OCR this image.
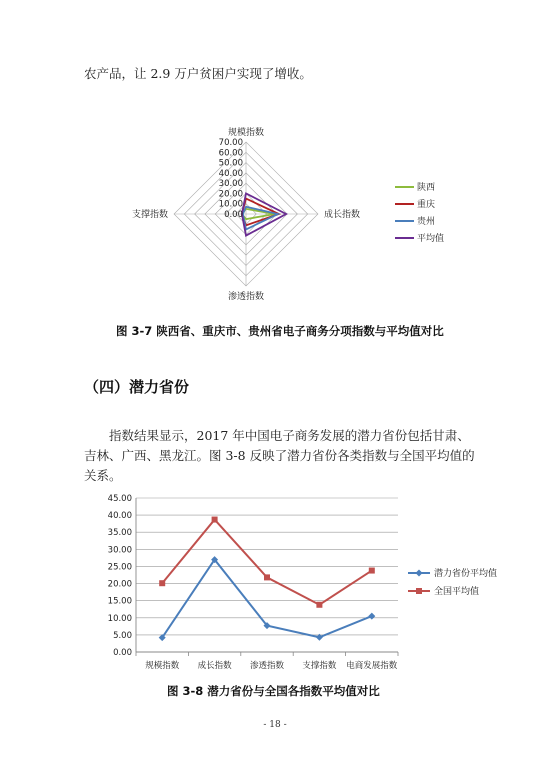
农产品，让 2.9 万户贫困户实现了增收。
规模指数
成长指数
渗透指数
支撑指数	0.00
10.00
20.00
30.00
40.00
50.00
60.00
70.00
陕西
重庆
贵州
平均值
图 3-7 陕西省、重庆市、贵州省电子商务分项指数与平均值对比
（四）潜力省份
指数结果显示，2017 年中国电子商务发展的潜力省份包括甘肃、吉林、广西、黑龙江。图 3-8 反映了潜力省份各类指数与全国平均值的关系。
0.00
5.00
10.00
15.00
20.00
25.00
30.00
35.00
40.00
45.00
规模指数 成长指数 渗透指数 支撑指数 电商发展指数
潜力省份平均值
全国平均值
图 3-8 潜力省份与全国各指数平均值对比
- 18 -
